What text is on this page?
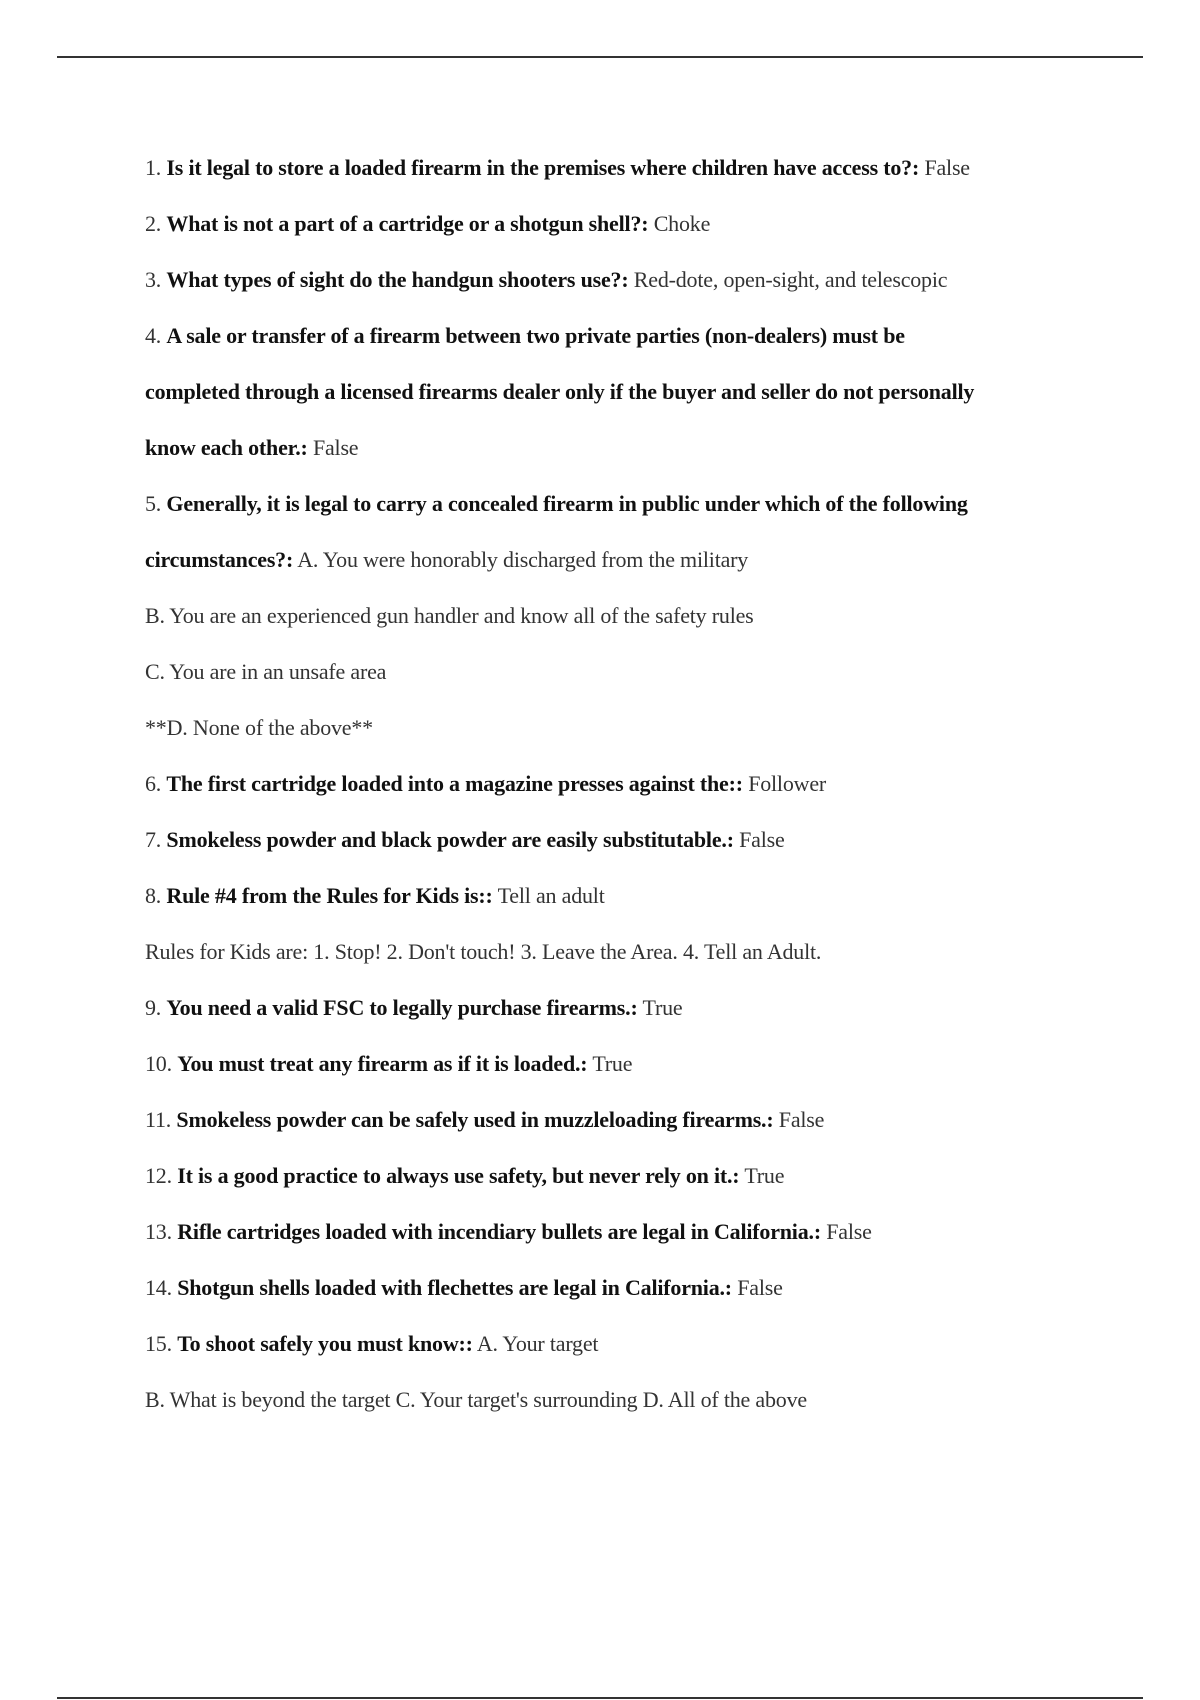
1. Is it legal to store a loaded firearm in the premises where children have access to?: False
2. What is not a part of a cartridge or a shotgun shell?: Choke
3. What types of sight do the handgun shooters use?: Red-dote, open-sight, and telescopic
4. A sale or transfer of a firearm between two private parties (non-dealers) must be
completed through a licensed firearms dealer only if the buyer and seller do not personally
know each other.: False
5. Generally, it is legal to carry a concealed firearm in public under which of the following
circumstances?: A. You were honorably discharged from the military
B. You are an experienced gun handler and know all of the safety rules
C. You are in an unsafe area
**D. None of the above**
6. The first cartridge loaded into a magazine presses against the:: Follower
7. Smokeless powder and black powder are easily substitutable.: False
8. Rule #4 from the Rules for Kids is:: Tell an adult
Rules for Kids are: 1. Stop! 2. Don't touch! 3. Leave the Area. 4. Tell an Adult.
9. You need a valid FSC to legally purchase firearms.: True
10. You must treat any firearm as if it is loaded.: True
11. Smokeless powder can be safely used in muzzleloading firearms.: False
12. It is a good practice to always use safety, but never rely on it.: True
13. Rifle cartridges loaded with incendiary bullets are legal in California.: False
14. Shotgun shells loaded with flechettes are legal in California.: False
15. To shoot safely you must know:: A. Your target
B. What is beyond the target C. Your target's surrounding D. All of the above
